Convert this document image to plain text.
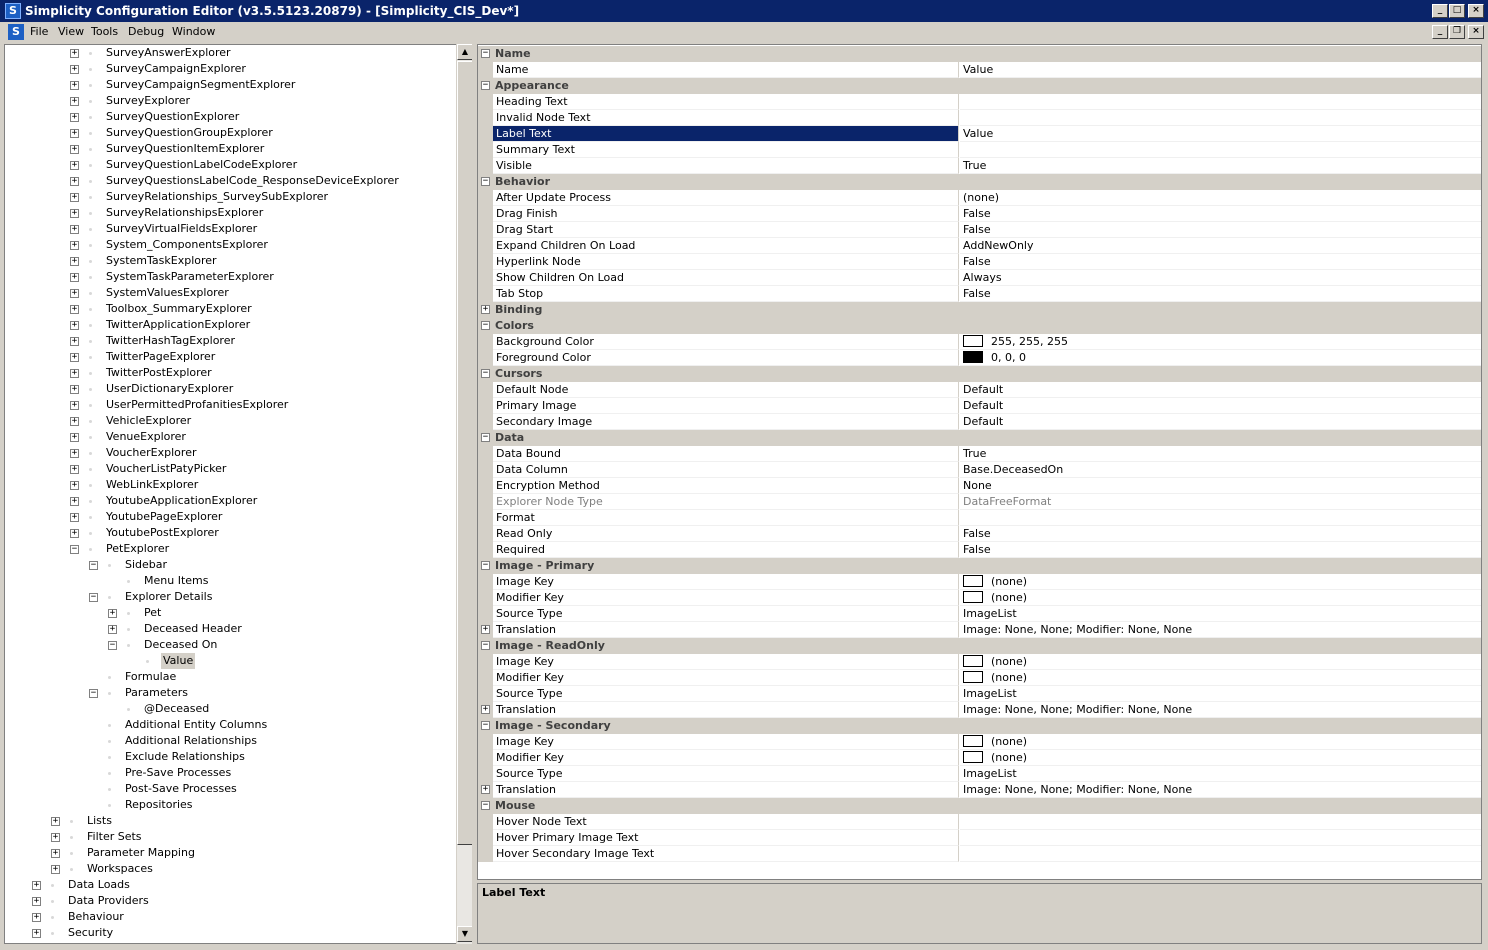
S Simplicity Configuration Editor (v3.5.5123.20879) - [Simplicity_CIS_Dev*]	_	□	×
S File View Tools Debug Window	_	❐	×
+	SurveyAnswerExplorer
+	SurveyCampaignExplorer
+	SurveyCampaignSegmentExplorer
+	SurveyExplorer
+	SurveyQuestionExplorer
+	SurveyQuestionGroupExplorer
+	SurveyQuestionItemExplorer
+	SurveyQuestionLabelCodeExplorer
+	SurveyQuestionsLabelCode_ResponseDeviceExplorer
+	SurveyRelationships_SurveySubExplorer
+	SurveyRelationshipsExplorer
+	SurveyVirtualFieldsExplorer
+	System_ComponentsExplorer
+	SystemTaskExplorer
+	SystemTaskParameterExplorer
+	SystemValuesExplorer
+	Toolbox_SummaryExplorer
+	TwitterApplicationExplorer
+	TwitterHashTagExplorer
+	TwitterPageExplorer
+	TwitterPostExplorer
+	UserDictionaryExplorer
+	UserPermittedProfanitiesExplorer
+	VehicleExplorer
+	VenueExplorer
+	VoucherExplorer
+	VoucherListPatyPicker
+	WebLinkExplorer
+	YoutubeApplicationExplorer
+	YoutubePageExplorer
+	YoutubePostExplorer
−	PetExplorer
−	Sidebar
Menu Items
−	Explorer Details
+	Pet
+	Deceased Header
−	Deceased On
Value
Formulae
−	Parameters
@Deceased
Additional Entity Columns
Additional Relationships
Exclude Relationships
Pre-Save Processes
Post-Save Processes
Repositories
+	Lists
+	Filter Sets
+	Parameter Mapping
+	Workspaces
+	Data Loads
+	Data Providers
+	Behaviour
+	Security
▲
▼
− Name
Name	Value
− Appearance
Heading Text
Invalid Node Text
Label Text	Value
Summary Text
Visible	True
− Behavior
After Update Process	(none)
Drag Finish	False
Drag Start	False
Expand Children On Load	AddNewOnly
Hyperlink Node	False
Show Children On Load	Always
Tab Stop	False
+ Binding
− Colors
Background Color	255, 255, 255
Foreground Color	0, 0, 0
− Cursors
Default Node	Default
Primary Image	Default
Secondary Image	Default
− Data
Data Bound	True
Data Column	Base.DeceasedOn
Encryption Method	None
Explorer Node Type	DataFreeFormat
Format
Read Only	False
Required	False
− Image - Primary
Image Key	(none)
Modifier Key	(none)
Source Type	ImageList
+ Translation	Image: None, None; Modifier: None, None
− Image - ReadOnly
Image Key	(none)
Modifier Key	(none)
Source Type	ImageList
+ Translation	Image: None, None; Modifier: None, None
− Image - Secondary
Image Key	(none)
Modifier Key	(none)
Source Type	ImageList
+ Translation	Image: None, None; Modifier: None, None
− Mouse
Hover Node Text
Hover Primary Image Text
Hover Secondary Image Text
Label Text
